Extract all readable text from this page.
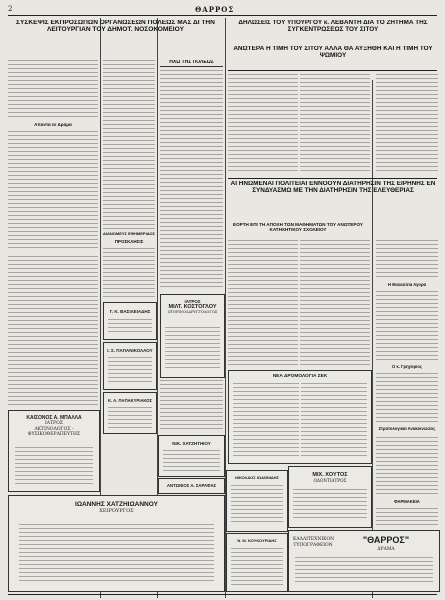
2	ΘΑΡΡΟΣ
ΣΥΣΚΕΨΙΣ ΕΚΠΡΟΣΩΠΩΝ ΟΡΓΑΝΩΣΕΩΝ ΠΟΛΕΩΣ ΜΑΣ ΔΙ ΤΗΝ ΛΕΙΤΟΥΡΓΙΑΝ ΤΟΥ ΔΗΜΟΤ. ΝΟΣΟΚΟΜΕΙΟΥ
Απαντα έν Δράμα
ΚΑΙΣΟΝΟΣ Α. ΜΠΑΛΛΑ
ΙΑΤΡΟΣ
ΑΚΤΙΝΟΛΟΓΟΣ - ΦΥΣΙΚΟΘΕΡΑΠΕΥΤΗΣ
ΙΩΑΝΝΗΣ ΧΑΤΖΗΙΩΑΝΝΟΥ
ΧΕΙΡΟΥΡΓΟΣ
ΔΙΑΝΟΜΕΥΣ ΕΦΗΜΕΡΙΔΟΣ
ΠΡΟΣΚΛΗΣΙΣ
Γ. Κ. ΒΑΣΙΛΕΙΑΔΗΣ
Ι. Σ. ΠΑΠΑΝΙΚΟΛΑΟΥ
Κ. Α. ΠΑΠΑΚΥΡΙΑΚΟΣ
ΝΙΚ. ΧΑΤΖΗΤΗΙΟΥ
ΑΝΤΩΝΙΟΣ Α. ΣΑΡΑΦΑΣ
ΗΧΩ ΤΗΣ ΠΟΛΕΩΣ
ΙΑΤΡΟΣ
ΜΙΛΤ. ΚΟΣΤΟΓΛΟΥ
ΩΤΟΡΙΝΟΛΑΡΥΓΓΟΛΟΓΟΣ
ΝΙΚΟΛΑΟΣ ΙΩΑΝΝΙΔΗΣ
Ν. Μ. ΚΟΥΚΟΥΡΙΔΗΣ
ΔΗΛΩΣΕΙΣ ΤΟΥ ΥΠΟΥΡΓΟΥ κ. ΛΕΒΑΝΤΗ ΔΙΑ ΤΟ ΖΗΤΗΜΑ ΤΗΣ ΣΥΓΚΕΝΤΡΩΣΕΩΣ ΤΟΥ ΣΙΤΟΥ
ΑΝΩΤΕΡΑ Η ΤΙΜΗ ΤΟΥ ΣΙΤΟΥ ΑΛΛΑ ΘΑ ΑΥΞΗΘΗ ΚΑΙ Η ΤΙΜΗ ΤΟΥ ΨΩΜΙΟΥ
ΑΙ ΗΝΩΜΕΝΑΙ ΠΟΛΙΤΕΙΑΙ ΕΝΝΟΟΥΝ ΔΙΑΤΗΡΗΣΙΝ ΤΗΣ ΕΙΡΗΝΗΣ ΕΝ ΣΥΝΔΥΑΣΜΩ ΜΕ ΤΗΝ ΔΙΑΤΗΡΗΣΙΝ ΤΗΣ ΕΛΕΥΘΕΡΙΑΣ
ΕΟΡΤΗ ΕΠΙ ΤΗ ΑΠΟΧΗ ΤΩΝ ΜΑΘΗΜΑΤΩΝ ΤΟΥ ΑΝΩΤΕΡΟΥ ΚΑΤΗΧΗΤΙΚΟΥ ΣΧΟΛΕΙΟΥ
ΝΕΑ ΔΡΟΜΟΛΟΓΙΑ ΣΕΚ
ΜΙΧ. ΧΟΥΤΟΣ
ΟΔΟΝΤΙΑΤΡΟΣ
ΚΑΛΛΙΤΕΧΝΙΚΟΝ ΤΥΠΟΓΡΑΦΕΙΟΝ
"ΘΑΡΡΟΣ"
ΔΡΑΜΑ
Η Θαλασσία Αγορά
Ο κ. Γρηγόριος
Στρατολογικαί Ανακοινώσεις
ΦΑΡΜΑΚΕΙΑ
